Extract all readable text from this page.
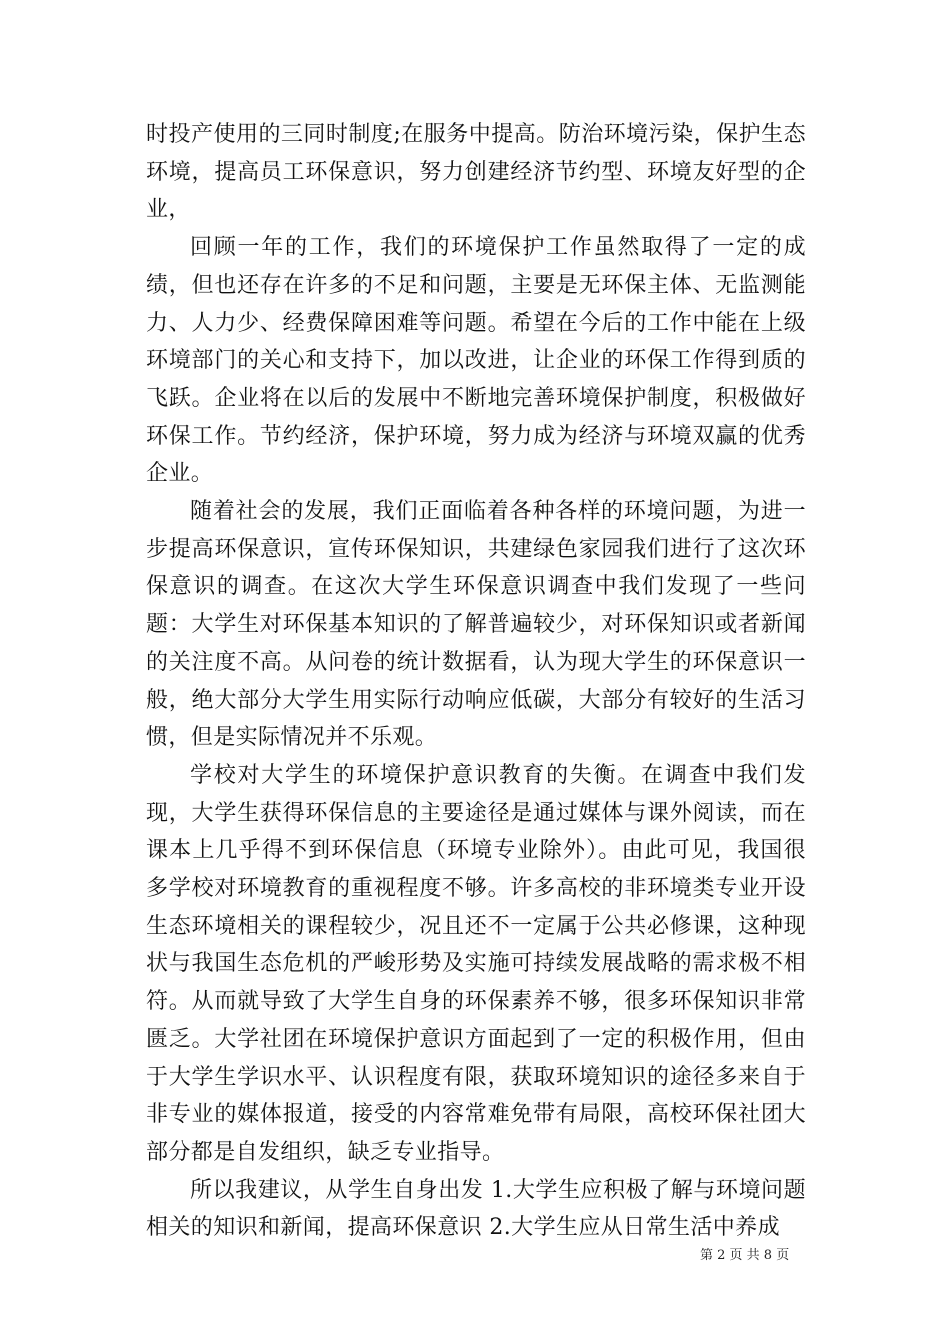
时投产使用的三同时制度;在服务中提高。防治环境污染，保护生态环境，提高员工环保意识，努力创建经济节约型、环境友好型的企业，

回顾一年的工作，我们的环境保护工作虽然取得了一定的成绩，但也还存在许多的不足和问题，主要是无环保主体、无监测能力、人力少、经费保障困难等问题。希望在今后的工作中能在上级环境部门的关心和支持下，加以改进，让企业的环保工作得到质的飞跃。企业将在以后的发展中不断地完善环境保护制度，积极做好环保工作。节约经济，保护环境，努力成为经济与环境双赢的优秀企业。

随着社会的发展，我们正面临着各种各样的环境问题，为进一步提高环保意识，宣传环保知识，共建绿色家园我们进行了这次环保意识的调查。在这次大学生环保意识调查中我们发现了一些问题：大学生对环保基本知识的了解普遍较少，对环保知识或者新闻的关注度不高。从问卷的统计数据看，认为现大学生的环保意识一般，绝大部分大学生用实际行动响应低碳，大部分有较好的生活习惯，但是实际情况并不乐观。

学校对大学生的环境保护意识教育的失衡。在调查中我们发现，大学生获得环保信息的主要途径是通过媒体与课外阅读，而在课本上几乎得不到环保信息（环境专业除外）。由此可见，我国很多学校对环境教育的重视程度不够。许多高校的非环境类专业开设生态环境相关的课程较少，况且还不一定属于公共必修课，这种现状与我国生态危机的严峻形势及实施可持续发展战略的需求极不相符。从而就导致了大学生自身的环保素养不够，很多环保知识非常匮乏。大学社团在环境保护意识方面起到了一定的积极作用，但由于大学生学识水平、认识程度有限，获取环境知识的途径多来自于非专业的媒体报道，接受的内容常难免带有局限，高校环保社团大部分都是自发组织，缺乏专业指导。

所以我建议，从学生自身出发 1.大学生应积极了解与环境问题相关的知识和新闻，提高环保意识 2.大学生应从日常生活中养成

第 2 页 共 8 页
